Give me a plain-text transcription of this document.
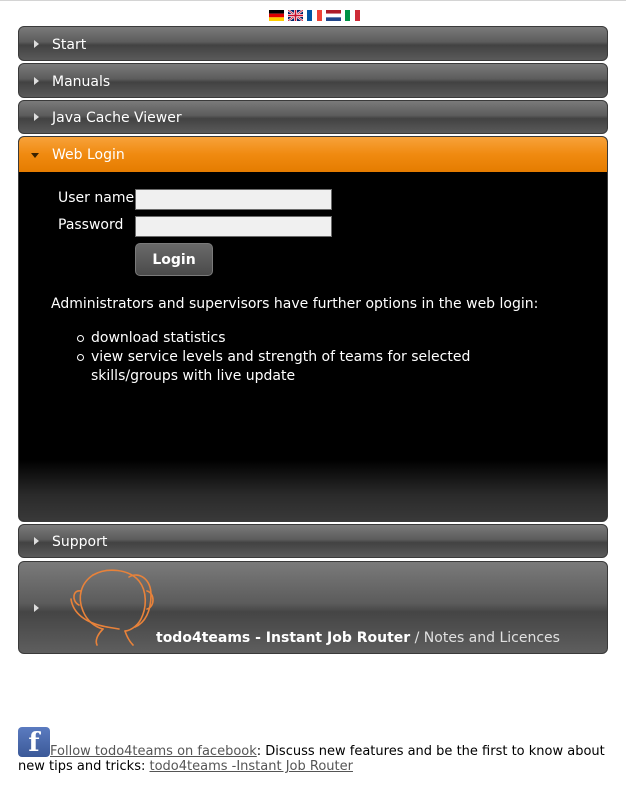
Start
Manuals
Java Cache Viewer
Web Login
User name
Password
Login
Administrators and supervisors have further options in the web login:
download statistics
view service levels and strength of teams for selected skills/groups with live update
Support
todo4teams - Instant Job Router / Notes and Licences
f Follow todo4teams on facebook: Discuss new features and be the first to know about new tips and tricks: todo4teams -Instant Job Router
